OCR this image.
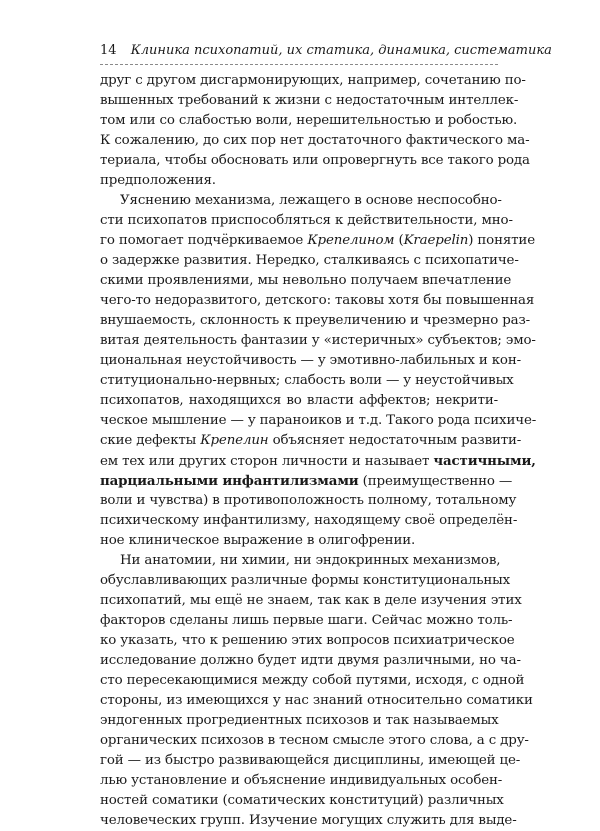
14 Клиника психопатий, их статика, динамика, систематика
друг с другом дисгармонирующих, например, сочетанию по-
вышенных требований к жизни с недостаточным интеллек-
том или со слабостью воли, нерешительностью и робостью.
К сожалению, до сих пор нет достаточного фактического ма-
териала, чтобы обосновать или опровергнуть все такого рода
предположения.
Уяснению механизма, лежащего в основе неспособно-
сти психопатов приспособляться к действительности, мно-
го помогает подчёркиваемое Крепелином (Kraepelin) понятие
о задержке развития. Нередко, сталкиваясь с психопатиче-
скими проявлениями, мы невольно получаем впечатление
чего-то недоразвитого, детского: таковы хотя бы повышенная
внушаемость, склонность к преувеличению и чрезмерно раз-
витая деятельность фантазии у «истеричных» субъектов; эмо-
циональная неустойчивость — у эмотивно-лабильных и кон-
ституционально-нервных; слабость воли — у неустойчивых
психопатов, находящихся во власти аффектов; некрити-
ческое мышление — у параноиков и т.д. Такого рода психиче-
ские дефекты Крепелин объясняет недостаточным развити-
ем тех или других сторон личности и называет частичными,
парциальными инфантилизмами (преимущественно —
воли и чувства) в противоположность полному, тотальному
психическому инфантилизму, находящему своё определён-
ное клиническое выражение в олигофрении.
Ни анатомии, ни химии, ни эндокринных механизмов,
обуславливающих различные формы конституциональных
психопатий, мы ещё не знаем, так как в деле изучения этих
факторов сделаны лишь первые шаги. Сейчас можно толь-
ко указать, что к решению этих вопросов психиатрическое
исследование должно будет идти двумя различными, но ча-
сто пересекающимися между собой путями, исходя, с одной
стороны, из имеющихся у нас знаний относительно соматики
эндогенных прогредиентных психозов и так называемых
органических психозов в тесном смысле этого слова, а с дру-
гой — из быстро развивающейся дисциплины, имеющей це-
лью установление и объяснение индивидуальных особен-
ностей соматики (соматических конституций) различных
человеческих групп. Изучение могущих служить для выде-
